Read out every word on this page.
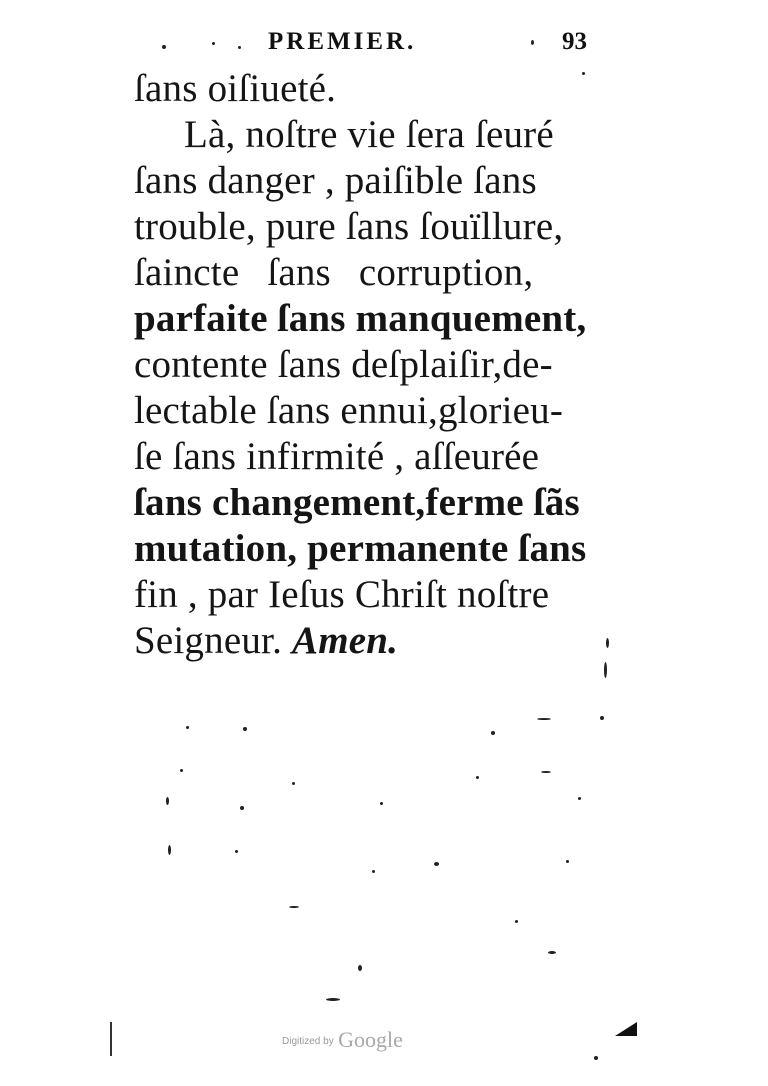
PREMIER.	93
ſans oiſiueté.
Là, noſtre vie ſera ſeuré
ſans danger , paiſible ſans
trouble, pure ſans ſouïllure,
ſaincte ſans corruption,
parfaite ſans manquement,
contente ſans deſplaiſir,de-
lectable ſans ennui,glorieu-
ſe ſans infirmité , aſſeurée
ſans changement,ferme ſãs
mutation, permanente ſans
fin , par Ieſus Chriſt noſtre
Seigneur. Amen.
Digitized by Google
